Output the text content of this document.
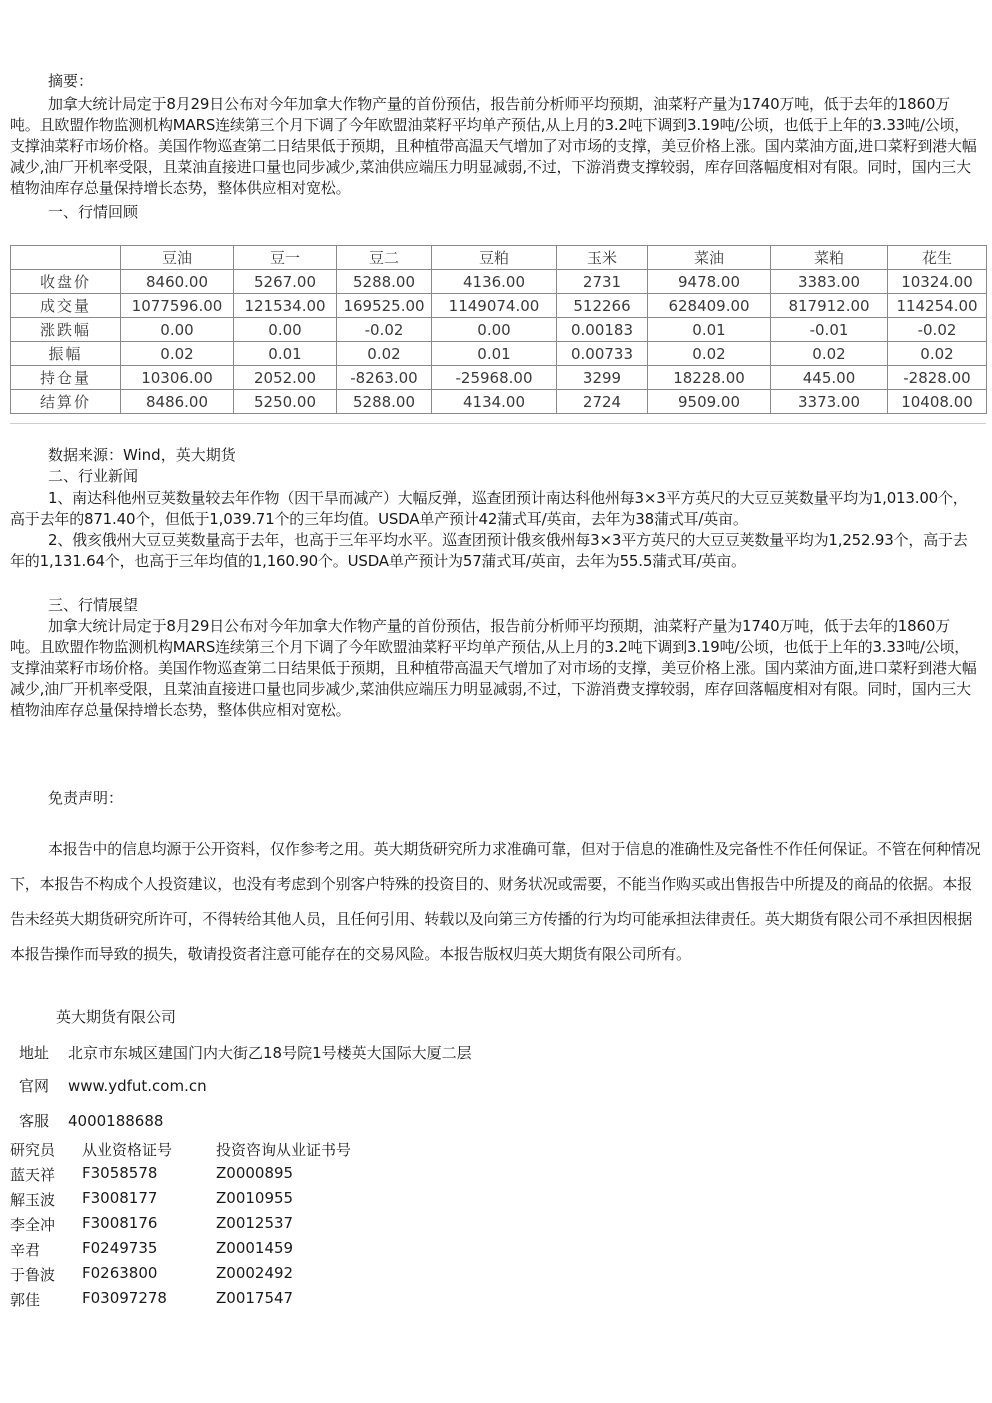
摘要：
加拿大统计局定于8月29日公布对今年加拿大作物产量的首份预估，报告前分析师平均预期，油菜籽产量为1740万吨，低于去年的1860万吨。且欧盟作物监测机构MARS连续第三个月下调了今年欧盟油菜籽平均单产预估,从上月的3.2吨下调到3.19吨/公顷，也低于上年的3.33吨/公顷，支撑油菜籽市场价格。美国作物巡查第二日结果低于预期，且种植带高温天气增加了对市场的支撑，美豆价格上涨。国内菜油方面,进口菜籽到港大幅减少,油厂开机率受限，且菜油直接进口量也同步减少,菜油供应端压力明显减弱,不过，下游消费支撑较弱，库存回落幅度相对有限。同时，国内三大植物油库存总量保持增长态势，整体供应相对宽松。
一、行情回顾
	豆油	豆一	豆二	豆粕	玉米	菜油	菜粕	花生
收盘价	8460.00	5267.00	5288.00	4136.00	2731	9478.00	3383.00	10324.00
成交量	1077596.00	121534.00	169525.00	1149074.00	512266	628409.00	817912.00	114254.00
涨跌幅	0.00	0.00	-0.02	0.00	0.00183	0.01	-0.01	-0.02
振幅	0.02	0.01	0.02	0.01	0.00733	0.02	0.02	0.02
持仓量	10306.00	2052.00	-8263.00	-25968.00	3299	18228.00	445.00	-2828.00
结算价	8486.00	5250.00	5288.00	4134.00	2724	9509.00	3373.00	10408.00
数据来源：Wind，英大期货
二、行业新闻
1、南达科他州豆荚数量较去年作物（因干旱而减产）大幅反弹，巡查团预计南达科他州每3×3平方英尺的大豆豆荚数量平均为1,013.00个，高于去年的871.40个，但低于1,039.71个的三年均值。USDA单产预计42蒲式耳/英亩，去年为38蒲式耳/英亩。
2、俄亥俄州大豆豆荚数量高于去年，也高于三年平均水平。巡查团预计俄亥俄州每3×3平方英尺的大豆豆荚数量平均为1,252.93个，高于去年的1,131.64个，也高于三年均值的1,160.90个。USDA单产预计为57蒲式耳/英亩，去年为55.5蒲式耳/英亩。
三、行情展望
加拿大统计局定于8月29日公布对今年加拿大作物产量的首份预估，报告前分析师平均预期，油菜籽产量为1740万吨，低于去年的1860万吨。且欧盟作物监测机构MARS连续第三个月下调了今年欧盟油菜籽平均单产预估,从上月的3.2吨下调到3.19吨/公顷，也低于上年的3.33吨/公顷，支撑油菜籽市场价格。美国作物巡查第二日结果低于预期，且种植带高温天气增加了对市场的支撑，美豆价格上涨。国内菜油方面,进口菜籽到港大幅减少,油厂开机率受限，且菜油直接进口量也同步减少,菜油供应端压力明显减弱,不过，下游消费支撑较弱，库存回落幅度相对有限。同时，国内三大植物油库存总量保持增长态势，整体供应相对宽松。
免责声明：
本报告中的信息均源于公开资料，仅作参考之用。英大期货研究所力求准确可靠，但对于信息的准确性及完备性不作任何保证。不管在何种情况下，本报告不构成个人投资建议，也没有考虑到个别客户特殊的投资目的、财务状况或需要，不能当作购买或出售报告中所提及的商品的依据。本报告未经英大期货研究所许可，不得转给其他人员，且任何引用、转载以及向第三方传播的行为均可能承担法律责任。英大期货有限公司不承担因根据本报告操作而导致的损失，敬请投资者注意可能存在的交易风险。本报告版权归英大期货有限公司所有。
英大期货有限公司
地址 北京市东城区建国门内大街乙18号院1号楼英大国际大厦二层
官网 www.ydfut.com.cn
客服 4000188688
研究员 从业资格证号	投资咨询从业证书号
蓝天祥 F3058578	Z0000895
解玉波 F3008177	Z0010955
李全冲 F3008176	Z0012537
辛君	F0249735	Z0001459
于鲁波 F0263800	Z0002492
郭佳	F03097278	Z0017547
